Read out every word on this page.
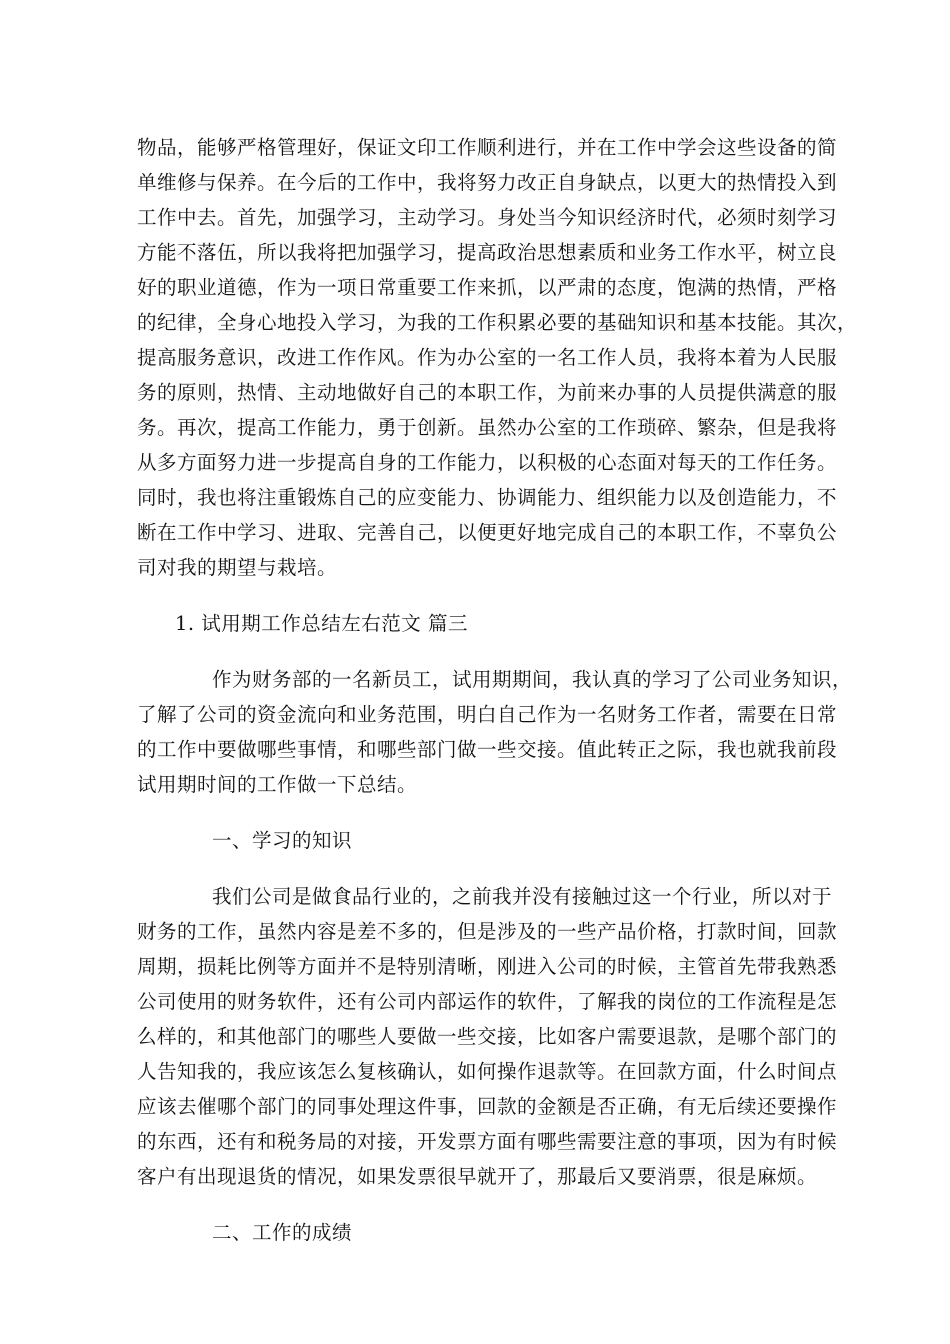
物品，能够严格管理好，保证文印工作顺利进行，并在工作中学会这些设备的简
单维修与保养。在今后的工作中，我将努力改正自身缺点，以更大的热情投入到
工作中去。首先，加强学习，主动学习。身处当今知识经济时代，必须时刻学习
方能不落伍，所以我将把加强学习，提高政治思想素质和业务工作水平，树立良
好的职业道德，作为一项日常重要工作来抓，以严肃的态度，饱满的热情，严格
的纪律，全身心地投入学习，为我的工作积累必要的基础知识和基本技能。其次，
提高服务意识，改进工作作风。作为办公室的一名工作人员，我将本着为人民服
务的原则，热情、主动地做好自己的本职工作，为前来办事的人员提供满意的服
务。再次，提高工作能力，勇于创新。虽然办公室的工作琐碎、繁杂，但是我将
从多方面努力进一步提高自身的工作能力，以积极的心态面对每天的工作任务。
同时，我也将注重锻炼自己的应变能力、协调能力、组织能力以及创造能力，不
断在工作中学习、进取、完善自己，以便更好地完成自己的本职工作，不辜负公
司对我的期望与栽培。
1. 试用期工作总结左右范文 篇三
作为财务部的一名新员工，试用期期间，我认真的学习了公司业务知识，
了解了公司的资金流向和业务范围，明白自己作为一名财务工作者，需要在日常
的工作中要做哪些事情，和哪些部门做一些交接。值此转正之际，我也就我前段
试用期时间的工作做一下总结。
一、学习的知识
我们公司是做食品行业的，之前我并没有接触过这一个行业，所以对于
财务的工作，虽然内容是差不多的，但是涉及的一些产品价格，打款时间，回款
周期，损耗比例等方面并不是特别清晰，刚进入公司的时候，主管首先带我熟悉
公司使用的财务软件，还有公司内部运作的软件，了解我的岗位的工作流程是怎
么样的，和其他部门的哪些人要做一些交接，比如客户需要退款，是哪个部门的
人告知我的，我应该怎么复核确认，如何操作退款等。在回款方面，什么时间点
应该去催哪个部门的同事处理这件事，回款的金额是否正确，有无后续还要操作
的东西，还有和税务局的对接，开发票方面有哪些需要注意的事项，因为有时候
客户有出现退货的情况，如果发票很早就开了，那最后又要消票，很是麻烦。
二、工作的成绩
